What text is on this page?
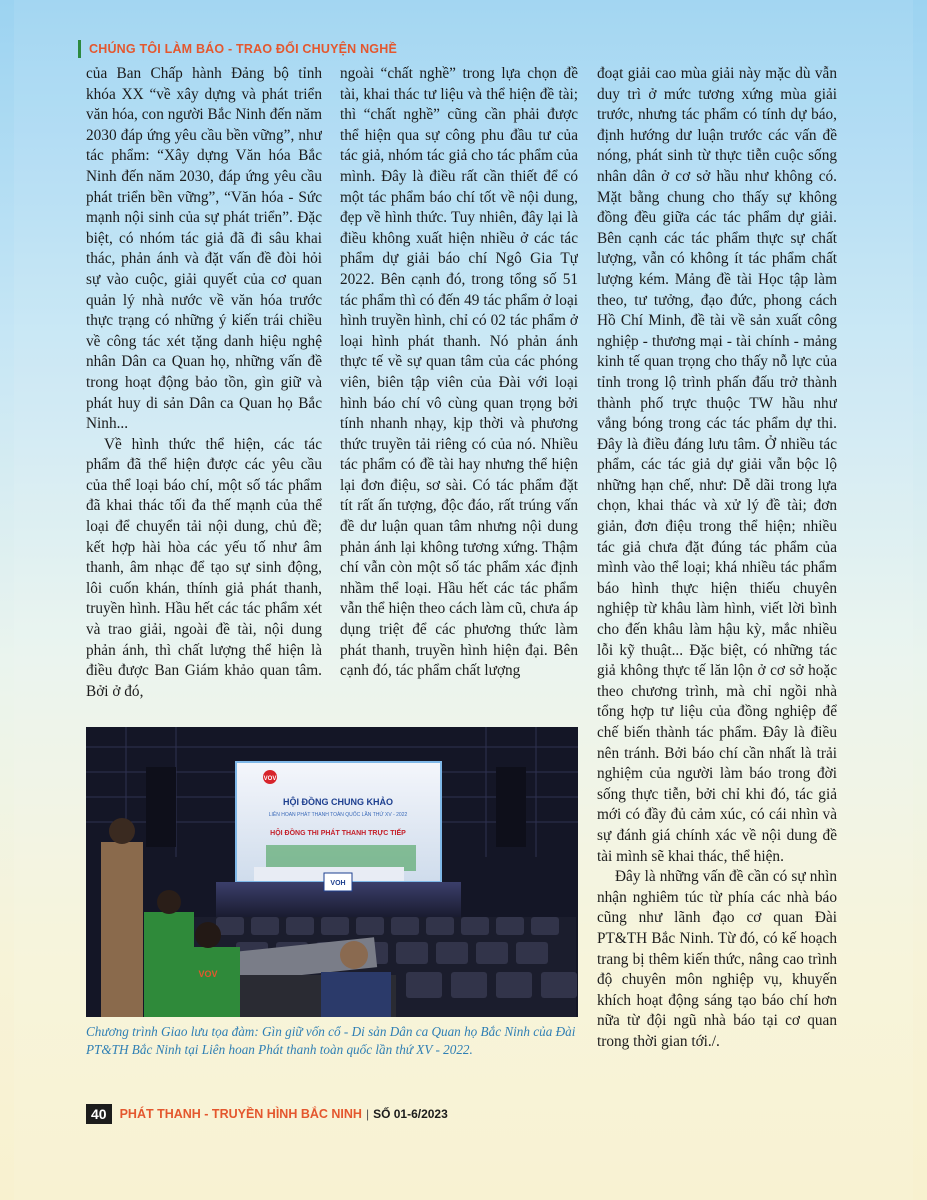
CHÚNG TÔI LÀM BÁO - TRAO ĐỔI CHUYỆN NGHỀ

của Ban Chấp hành Đảng bộ tỉnh khóa XX “về xây dựng và phát triển văn hóa, con người Bắc Ninh đến năm 2030 đáp ứng yêu cầu bền vững”, như tác phẩm: “Xây dựng Văn hóa Bắc Ninh đến năm 2030, đáp ứng yêu cầu phát triển bền vững”, “Văn hóa - Sức mạnh nội sinh của sự phát triển”. Đặc biệt, có nhóm tác giả đã đi sâu khai thác, phản ánh và đặt vấn đề đòi hỏi sự vào cuộc, giải quyết của cơ quan quản lý nhà nước về văn hóa trước thực trạng có những ý kiến trái chiều về công tác xét tặng danh hiệu nghệ nhân Dân ca Quan họ, những vấn đề trong hoạt động bảo tồn, gìn giữ và phát huy di sản Dân ca Quan họ Bắc Ninh...

Về hình thức thể hiện, các tác phẩm đã thể hiện được các yêu cầu của thể loại báo chí, một số tác phẩm đã khai thác tối đa thế mạnh của thể loại để chuyển tải nội dung, chủ đề; kết hợp hài hòa các yếu tố như âm thanh, âm nhạc để tạo sự sinh động, lôi cuốn khán, thính giả phát thanh, truyền hình. Hầu hết các tác phẩm xét và trao giải, ngoài đề tài, nội dung phản ánh, thì chất lượng thể hiện là điều được Ban Giám khảo quan tâm. Bởi ở đó,

ngoài “chất nghề” trong lựa chọn đề tài, khai thác tư liệu và thể hiện đề tài; thì “chất nghề” cũng cần phải được thể hiện qua sự công phu đầu tư của tác giả, nhóm tác giả cho tác phẩm của mình. Đây là điều rất cần thiết để có một tác phẩm báo chí tốt về nội dung, đẹp về hình thức. Tuy nhiên, đây lại là điều không xuất hiện nhiều ở các tác phẩm dự giải báo chí Ngô Gia Tự 2022. Bên cạnh đó, trong tổng số 51 tác phẩm thì có đến 49 tác phẩm ở loại hình truyền hình, chỉ có 02 tác phẩm ở loại hình phát thanh. Nó phản ánh thực tế về sự quan tâm của các phóng viên, biên tập viên của Đài với loại hình báo chí vô cùng quan trọng bởi tính nhanh nhạy, kịp thời và phương thức truyền tải riêng có của nó. Nhiều tác phẩm có đề tài hay nhưng thể hiện lại đơn điệu, sơ sài. Có tác phẩm đặt tít rất ấn tượng, độc đáo, rất trúng vấn đề dư luận quan tâm nhưng nội dung phản ánh lại không tương xứng. Thậm chí vẫn còn một số tác phẩm xác định nhầm thể loại. Hầu hết các tác phẩm vẫn thể hiện theo cách làm cũ, chưa áp dụng triệt để các phương thức làm phát thanh, truyền hình hiện đại. Bên cạnh đó, tác phẩm chất lượng

đoạt giải cao mùa giải này mặc dù vẫn duy trì ở mức tương xứng mùa giải trước, nhưng tác phẩm có tính dự báo, định hướng dư luận trước các vấn đề nóng, phát sinh từ thực tiễn cuộc sống nhân dân ở cơ sở hầu như không có. Mặt bằng chung cho thấy sự không đồng đều giữa các tác phẩm dự giải. Bên cạnh các tác phẩm thực sự chất lượng, vẫn có không ít tác phẩm chất lượng kém. Mảng đề tài Học tập làm theo, tư tưởng, đạo đức, phong cách Hồ Chí Minh, đề tài về sản xuất công nghiệp - thương mại - tài chính - mảng kinh tế quan trọng cho thấy nỗ lực của tỉnh trong lộ trình phấn đấu trở thành thành phố trực thuộc TW hầu như vắng bóng trong các tác phẩm dự thi. Đây là điều đáng lưu tâm. Ở nhiều tác phẩm, các tác giả dự giải vẫn bộc lộ những hạn chế, như: Dễ dãi trong lựa chọn, khai thác và xử lý đề tài; đơn giản, đơn điệu trong thể hiện; nhiều tác giả chưa đặt đúng tác phẩm của mình vào thể loại; khá nhiều tác phẩm báo hình thực hiện thiếu chuyên nghiệp từ khâu làm hình, viết lời bình cho đến khâu làm hậu kỳ, mắc nhiều lỗi kỹ thuật... Đặc biệt, có những tác giả không thực tế lăn lộn ở cơ sở hoặc theo chương trình, mà chỉ ngồi nhà tổng hợp tư liệu của đồng nghiệp để chế biến thành tác phẩm. Đây là điều nên tránh. Bởi báo chí cần nhất là trải nghiệm của người làm báo trong đời sống thực tiễn, bởi chỉ khi đó, tác giả mới có đầy đủ cảm xúc, có cái nhìn và sự đánh giá chính xác về nội dung đề tài mình sẽ khai thác, thể hiện.

Đây là những vấn đề cần có sự nhìn nhận nghiêm túc từ phía các nhà báo cũng như lãnh đạo cơ quan Đài PT&TH Bắc Ninh. Từ đó, có kế hoạch trang bị thêm kiến thức, nâng cao trình độ chuyên môn nghiệp vụ, khuyến khích hoạt động sáng tạo báo chí hơn nữa từ đội ngũ nhà báo tại cơ quan trong thời gian tới./.

VOV
HỘI ĐỒNG CHUNG KHẢO
LIÊN HOAN PHÁT THANH TOÀN QUỐC LẦN THỨ XV - 2022
HỘI ĐỒNG THI PHÁT THANH TRỰC TIẾP
VOH
VOV
Chương trình Giao lưu tọa đàm: Gìn giữ vốn cổ - Di sản Dân ca Quan họ Bắc Ninh của Đài PT&TH Bắc Ninh tại Liên hoan Phát thanh toàn quốc lần thứ XV - 2022.
40	PHÁT THANH - TRUYỀN HÌNH BẮC NINH | SỐ 01-6/2023
